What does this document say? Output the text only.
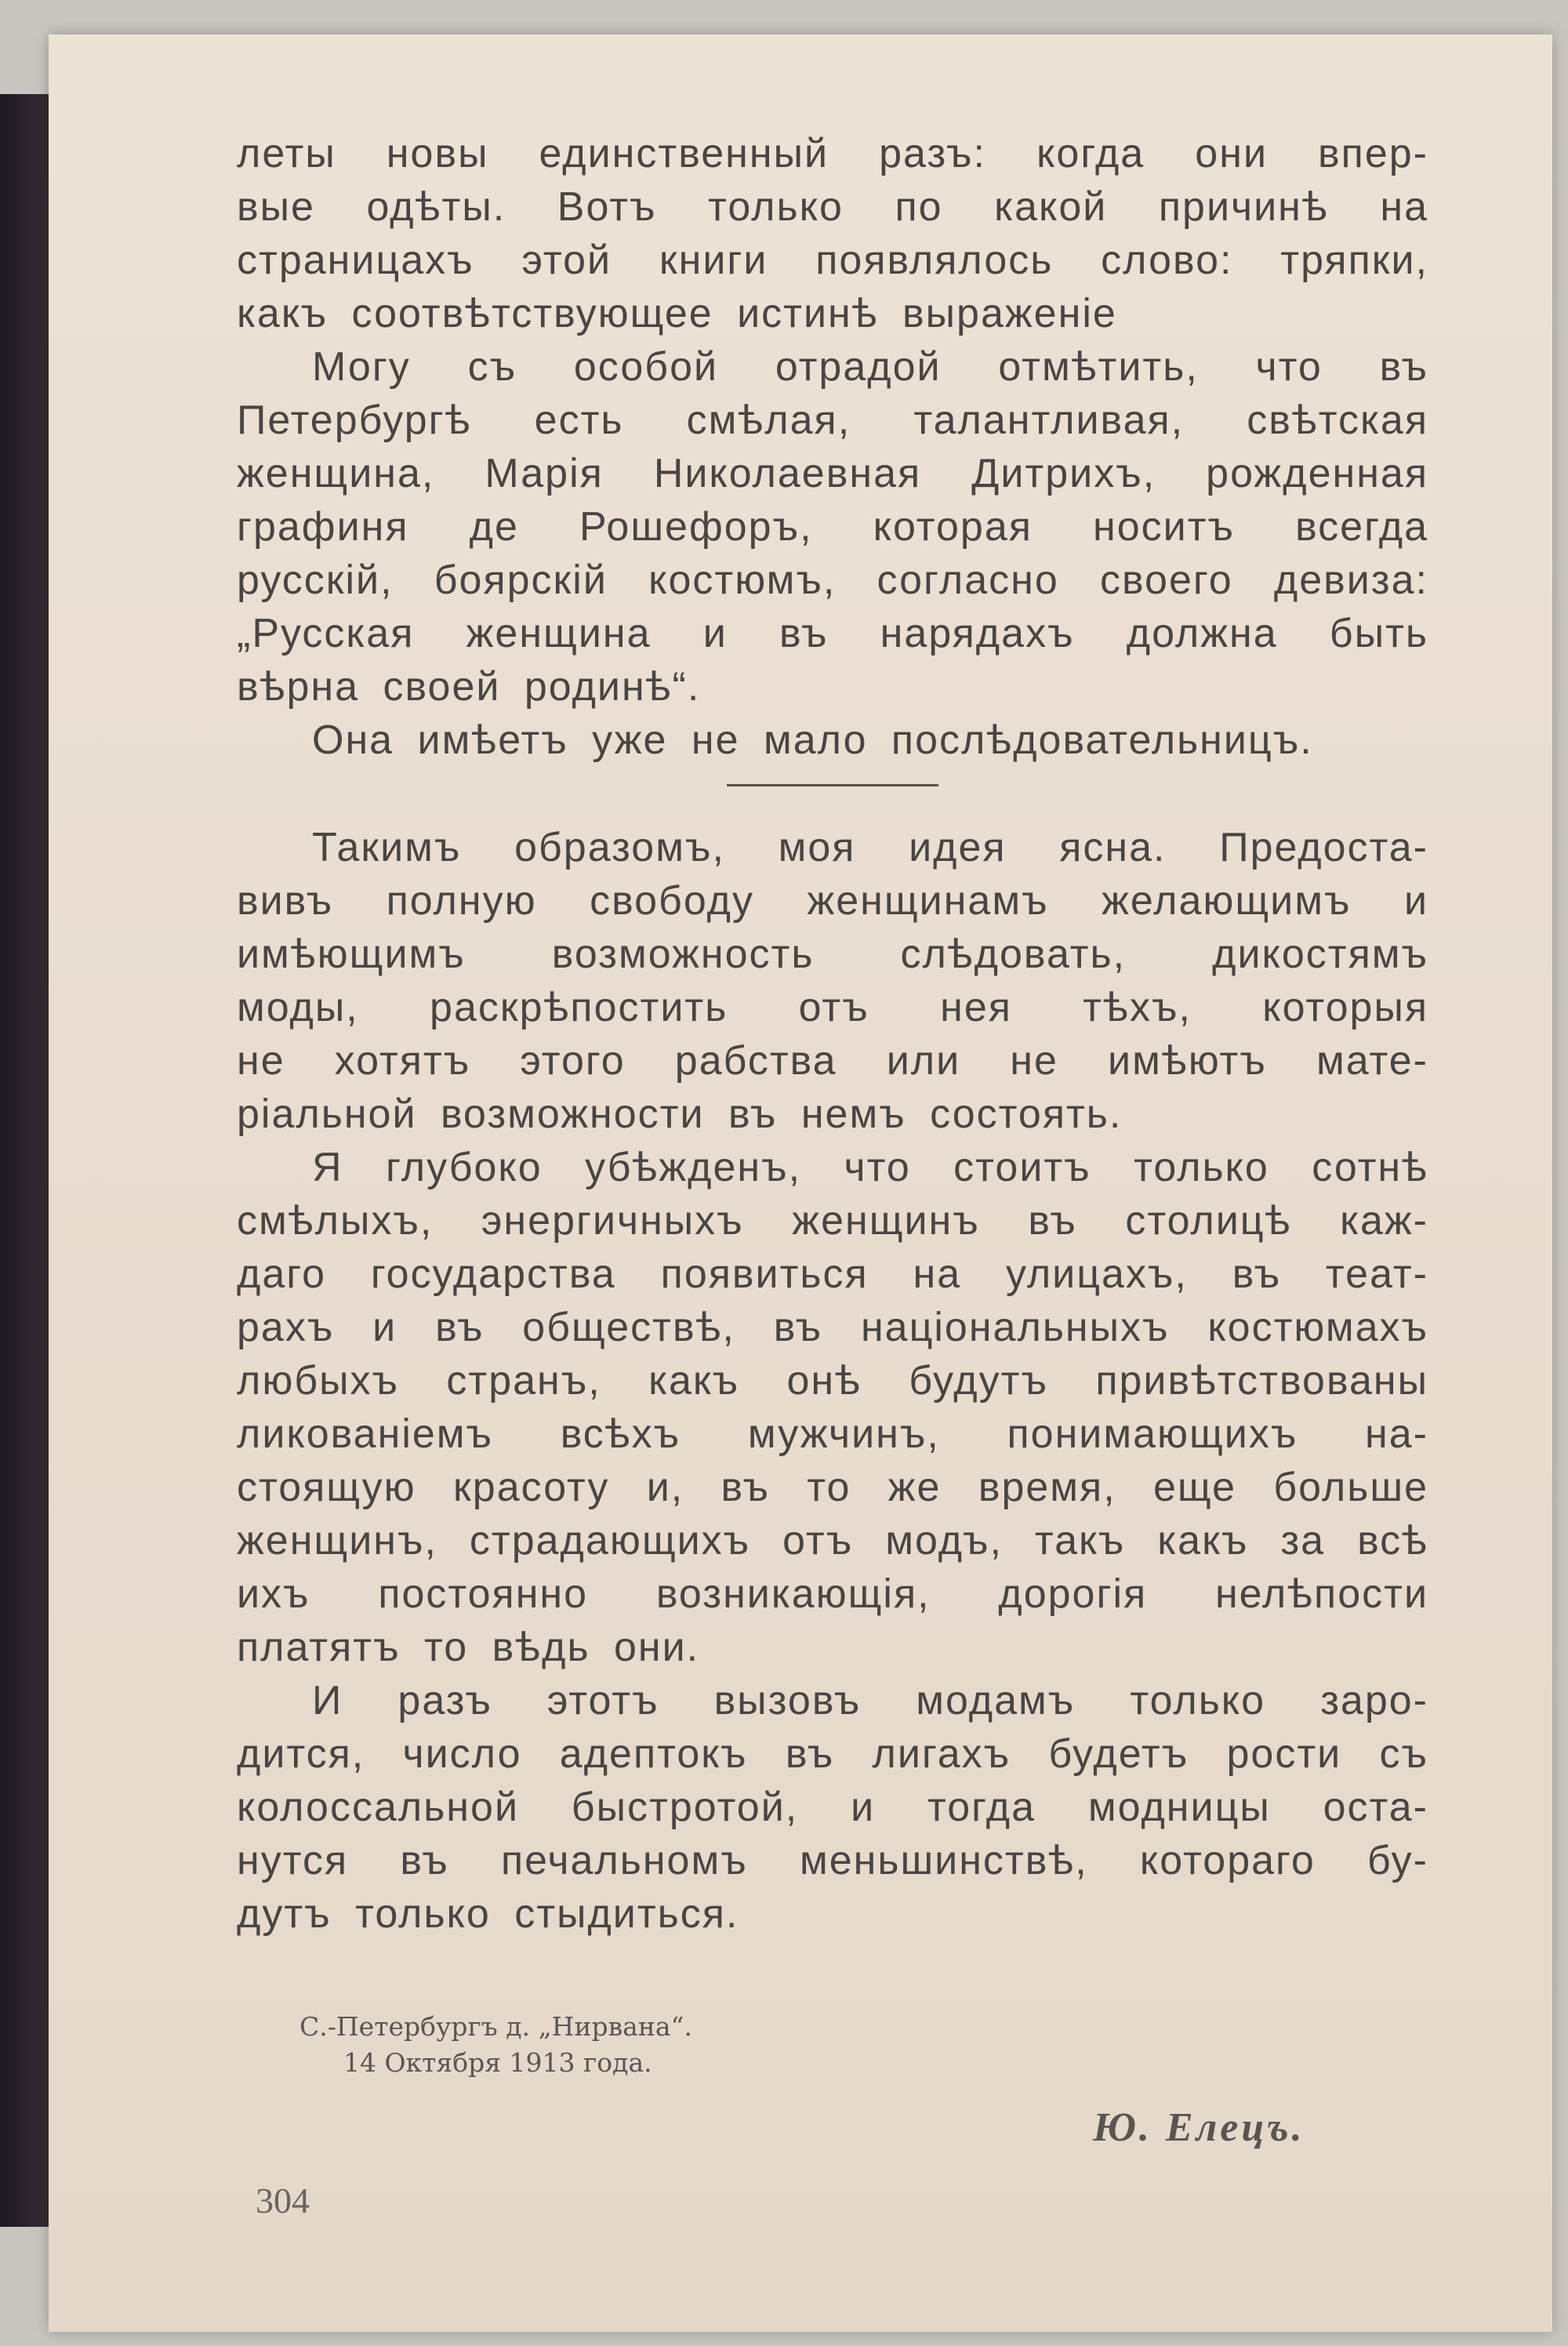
леты новы единственный разъ: когда они впер-
вые одѣты. Вотъ только по какой причинѣ на
страницахъ этой книги появлялось слово: тряпки,
какъ соотвѣтствующее истинѣ выраженіе

Могу съ особой отрадой отмѣтить, что въ
Петербургѣ есть смѣлая, талантливая, свѣтская
женщина, Марія Николаевная Дитрихъ, рожденная
графиня де Рошефоръ, которая носитъ всегда
русскій, боярскій костюмъ, согласно своего девиза:
„Русская женщина и въ нарядахъ должна быть
вѣрна своей родинѣ“.

Она имѣетъ уже не мало послѣдовательницъ.

Такимъ образомъ, моя идея ясна. Предоста-
вивъ полную свободу женщинамъ желающимъ и
имѣющимъ возможность слѣдовать, дикостямъ
моды, раскрѣпостить отъ нея тѣхъ, которыя
не хотятъ этого рабства или не имѣютъ мате-
ріальной возможности въ немъ состоять.

Я глубоко убѣжденъ, что стоитъ только сотнѣ
смѣлыхъ, энергичныхъ женщинъ въ столицѣ каж-
даго государства появиться на улицахъ, въ теат-
рахъ и въ обществѣ, въ національныхъ костюмахъ
любыхъ странъ, какъ онѣ будутъ привѣтствованы
ликованіемъ всѣхъ мужчинъ, понимающихъ на-
стоящую красоту и, въ то же время, еще больше
женщинъ, страдающихъ отъ модъ, такъ какъ за всѣ
ихъ постоянно возникающія, дорогія нелѣпости
платятъ то вѣдь они.

И разъ этотъ вызовъ модамъ только заро-
дится, число адептокъ въ лигахъ будетъ рости съ
колоссальной быстротой, и тогда модницы оста-
нутся въ печальномъ меньшинствѣ, котораго бу-
дутъ только стыдиться.

С.-Петербургъ д. „Нирвана“.
14 Октября 1913 года.
Ю. Елецъ.
304
